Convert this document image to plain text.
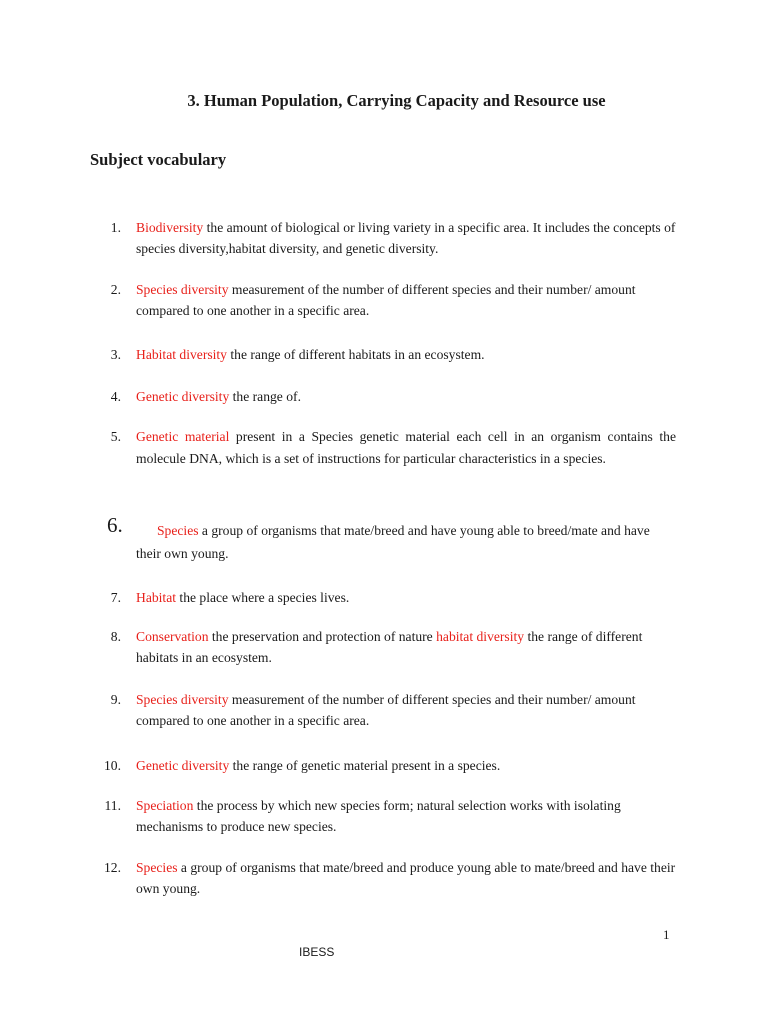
3. Human Population, Carrying Capacity and Resource use
Subject vocabulary
1. Biodiversity the amount of biological or living variety in a specific area. It includes the concepts of species diversity,habitat diversity, and genetic diversity.

2. Species diversity measurement of the number of different species and their number/ amount compared to one another in a specific area.

3. Habitat diversity the range of different habitats in an ecosystem.

4. Genetic diversity the range of.

5. Genetic material present in a Species genetic material each cell in an organism contains the molecule DNA, which is a set of instructions for particular characteristics in a species.

6.	Species a group of organisms that mate/breed and have young able to breed/mate and have their own young.

7. Habitat the place where a species lives.

8. Conservation the preservation and protection of nature habitat diversity the range of different habitats in an ecosystem.

9. Species diversity measurement of the number of different species and their number/ amount compared to one another in a specific area.

10. Genetic diversity the range of genetic material present in a species.

11. Speciation the process by which new species form; natural selection works with isolating mechanisms to produce new species.

12. Species a group of organisms that mate/breed and produce young able to mate/breed and have their own young.

1
IBESS
